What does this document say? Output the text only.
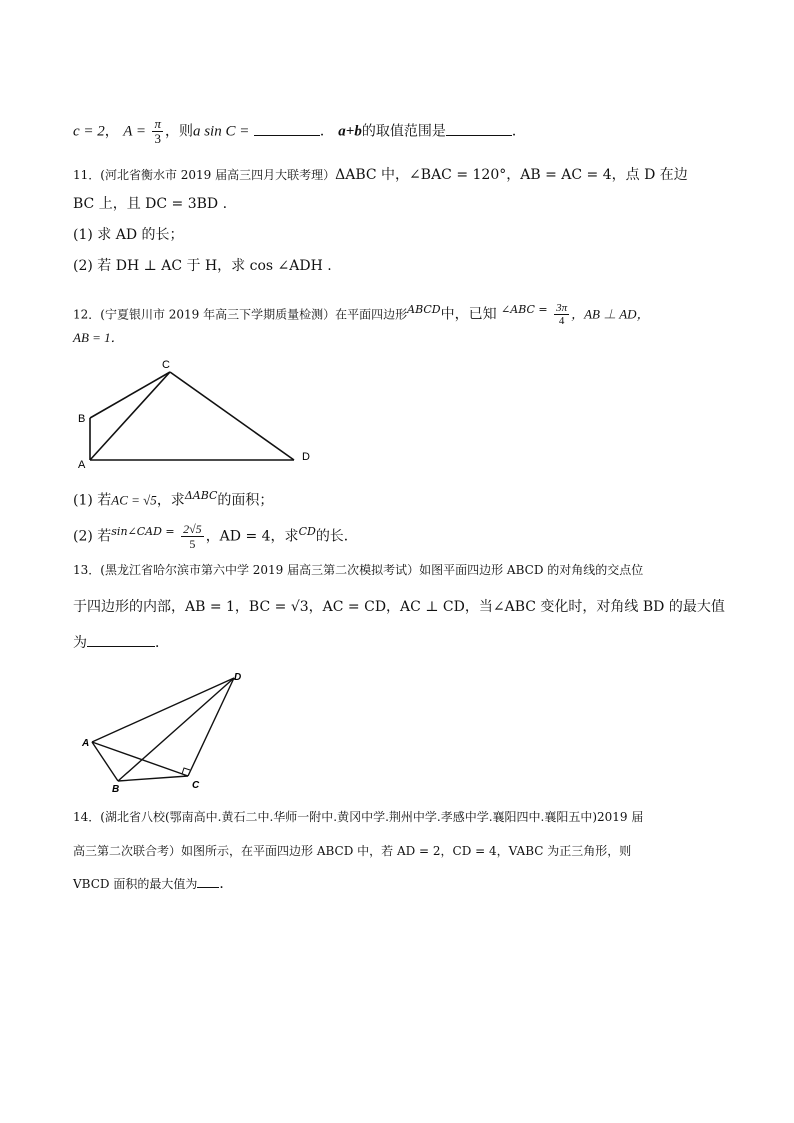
c = 2， $A = \frac{\pi}{3}$ ，则a sin C =	． a+b的取值范围是	．
11．(河北省衡水市 2019 届高三四月大联考理）ΔABC 中，∠BAC = 120°，AB = AC = 4，点 D 在边
BC 上，且 DC = 3BD .
(1) 求 AD 的长；
(2) 若 DH ⊥ AC 于 H，求 cos ∠ADH .
12．(宁夏银川市 2019 年高三下学期质量检测）在平面四边形$^{ABCD}$中，已知 $^{\angle ABC =} \frac{3\pi}{4}$ ，AB ⊥ AD，
AB = 1．
A
B
C
D
(1) 若AC = √5，求$^{\Delta ABC}$的面积；
(2) 若$^{sin\angle CAD =} \frac{2√5}{5}$ ，AD = 4，求$^{CD}$的长．
13．(黑龙江省哈尔滨市第六中学 2019 届高三第二次模拟考试）如图平面四边形 ABCD 的对角线的交点位
于四边形的内部，AB = 1，BC = √3，AC = CD，AC ⊥ CD，当∠ABC 变化时，对角线 BD 的最大值
为	．
A
B	C
D
14．(湖北省八校(鄂南高中.黄石二中.华师一附中.黄冈中学.荆州中学.孝感中学.襄阳四中.襄阳五中)2019 届
高三第二次联合考）如图所示，在平面四边形 ABCD 中，若 AD = 2，CD = 4，VABC 为正三角形，则
VBCD 面积的最大值为 ．
